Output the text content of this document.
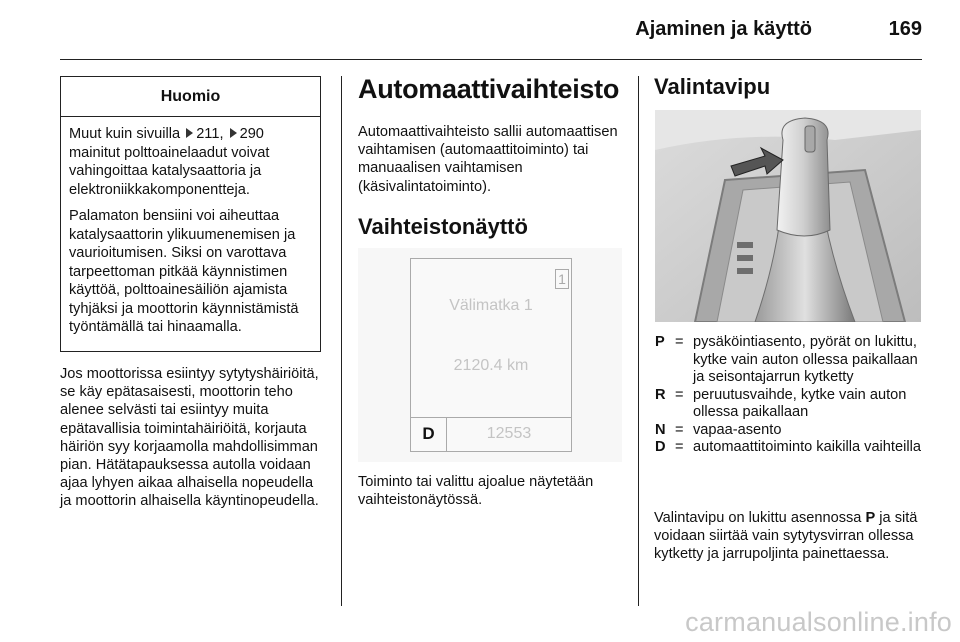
Ajaminen ja käyttö	169
Huomio

Muut kuin sivuilla 211, 290 mainitut polttoainelaadut voivat vahingoittaa katalysaattoria ja elektroniikkakomponentteja.

Palamaton bensiini voi aiheuttaa katalysaattorin ylikuumenemisen ja vaurioitumisen. Siksi on varottava tarpeettoman pitkää käynnistimen käyttöä, polttoainesäiliön ajamista tyhjäksi ja moottorin käynnistämistä työntämällä tai hinaamalla.

Jos moottorissa esiintyy sytytyshäiriöitä, se käy epätasaisesti, moottorin teho alenee selvästi tai esiintyy muita epätavallisia toimintahäiriöitä, korjauta häiriön syy korjaamolla mahdollisimman pian. Hätätapauksessa autolla voidaan ajaa lyhyen aikaa alhaisella nopeudella ja moottorin alhaisella käyntinopeudella.
Automaattivaihteisto
Automaattivaihteisto sallii automaattisen vaihtamisen (automaattitoiminto) tai manuaalisen vaihtamisen (käsivalintatoiminto).
Vaihteistonäyttö
1
Välimatka 1
2120.4 km
D	12553
Toiminto tai valittu ajoalue näytetään vaihteistonäytössä.
Valintavipu
P = pysäköintiasento, pyörät on lukittu, kytke vain auton ollessa paikallaan ja seisontajarrun kytketty
R = peruutusvaihde, kytke vain auton ollessa paikallaan
N = vapaa-asento
D = automaattitoiminto kaikilla vaihteilla
Valintavipu on lukittu asennossa P ja sitä voidaan siirtää vain sytytysvirran ollessa kytketty ja jarrupoljinta painettaessa.
carmanualsonline.info
